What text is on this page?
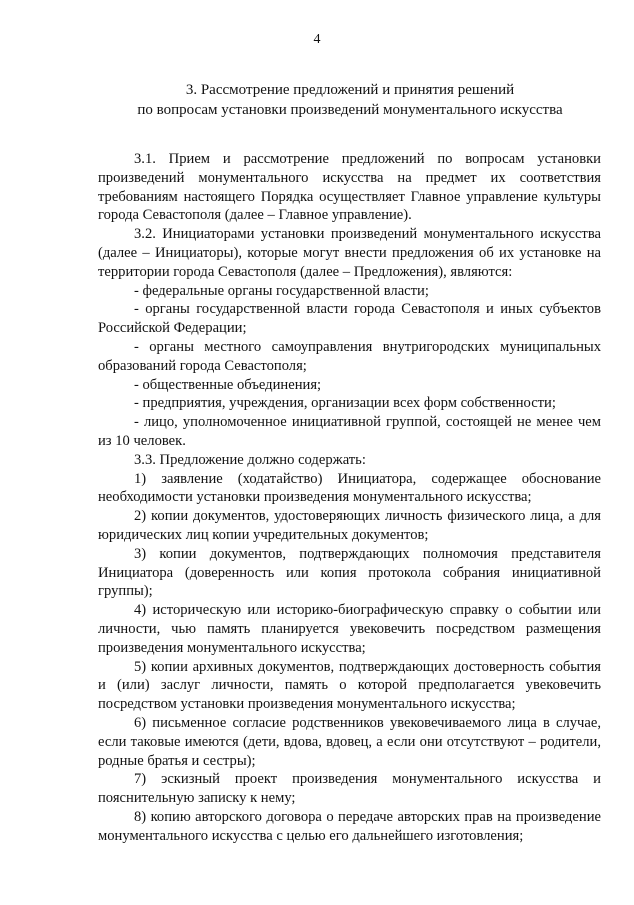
4
3. Рассмотрение предложений и принятия решений
по вопросам установки произведений монументального искусства

3.1. Прием и рассмотрение предложений по вопросам установки произведений монументального искусства на предмет их соответствия требованиям настоящего Порядка осуществляет Главное управление культуры города Севастополя (далее – Главное управление).

3.2. Инициаторами установки произведений монументального искусства (далее – Инициаторы), которые могут внести предложения об их установке на территории города Севастополя (далее – Предложения), являются:

- федеральные органы государственной власти;

- органы государственной власти города Севастополя и иных субъектов Российской Федерации;

- органы местного самоуправления внутригородских муниципальных образований города Севастополя;

- общественные объединения;

- предприятия, учреждения, организации всех форм собственности;

- лицо, уполномоченное инициативной группой, состоящей не менее чем из 10 человек.

3.3. Предложение должно содержать:

1) заявление (ходатайство) Инициатора, содержащее обоснование необходимости установки произведения монументального искусства;

2) копии документов, удостоверяющих личность физического лица, а для юридических лиц копии учредительных документов;

3) копии документов, подтверждающих полномочия представителя Инициатора (доверенность или копия протокола собрания инициативной группы);

4) историческую или историко-биографическую справку о событии или личности, чью память планируется увековечить посредством размещения произведения монументального искусства;

5) копии архивных документов, подтверждающих достоверность события и (или) заслуг личности, память о которой предполагается увековечить посредством установки произведения монументального искусства;

6) письменное согласие родственников увековечиваемого лица в случае, если таковые имеются (дети, вдова, вдовец, а если они отсутствуют – родители, родные братья и сестры);

7) эскизный проект произведения монументального искусства и пояснительную записку к нему;

8) копию авторского договора о передаче авторских прав на произведение монументального искусства с целью его дальнейшего изготовления;
